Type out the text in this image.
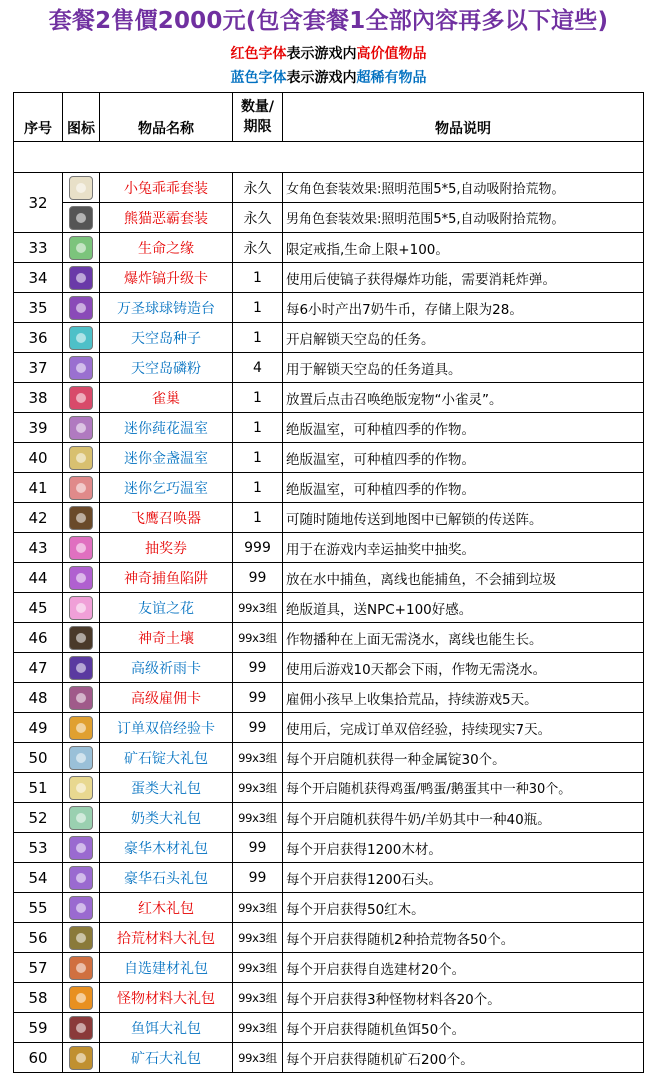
套餐2售價2000元(包含套餐1全部內容再多以下這些)
红色字体表示游戏内高价值物品
蓝色字体表示游戏内超稀有物品
序号	图标	物品名称	数量/
期限	物品说明

32		小兔乖乖套装	永久	女角色套装效果:照明范围5*5,自动吸附拾荒物。
		熊猫恶霸套装	永久	男角色套装效果:照明范围5*5,自动吸附拾荒物。
33		生命之缘	永久	限定戒指,生命上限+100。
34		爆炸镐升级卡	1	使用后使镐子获得爆炸功能，需要消耗炸弹。
35		万圣球球铸造台	1	每6小时产出7奶牛币，存储上限为28。
36		天空岛种子	1	开启解锁天空岛的任务。
37		天空岛磷粉	4	用于解锁天空岛的任务道具。
38		雀巢	1	放置后点击召唤绝版宠物“小雀灵”。
39		迷你莼花温室	1	绝版温室，可种植四季的作物。
40		迷你金盏温室	1	绝版温室，可种植四季的作物。
41		迷你乞巧温室	1	绝版温室，可种植四季的作物。
42		飞鹰召唤器	1	可随时随地传送到地图中已解锁的传送阵。
43		抽奖券	999	用于在游戏内幸运抽奖中抽奖。
44		神奇捕鱼陷阱	99	放在水中捕鱼，离线也能捕鱼，不会捕到垃圾
45		友谊之花	99x3组	绝版道具，送NPC+100好感。
46		神奇土壤	99x3组	作物播种在上面无需浇水，离线也能生长。
47		高级祈雨卡	99	使用后游戏10天都会下雨，作物无需浇水。
48		高级雇佣卡	99	雇佣小孩早上收集拾荒品，持续游戏5天。
49		订单双倍经验卡	99	使用后，完成订单双倍经验，持续现实7天。
50		矿石锭大礼包	99x3组	每个开启随机获得一种金属锭30个。
51		蛋类大礼包	99x3组	每个开启随机获得鸡蛋/鸭蛋/鹅蛋其中一种30个。
52		奶类大礼包	99x3组	每个开启随机获得牛奶/羊奶其中一种40瓶。
53		豪华木材礼包	99	每个开启获得1200木材。
54		豪华石头礼包	99	每个开启获得1200石头。
55		红木礼包	99x3组	每个开启获得50红木。
56		拾荒材料大礼包	99x3组	每个开启获得随机2种拾荒物各50个。
57		自选建材礼包	99x3组	每个开启获得自选建材20个。
58		怪物材料大礼包	99x3组	每个开启获得3种怪物材料各20个。
59		鱼饵大礼包	99x3组	每个开启获得随机鱼饵50个。
60		矿石大礼包	99x3组	每个开启获得随机矿石200个。
